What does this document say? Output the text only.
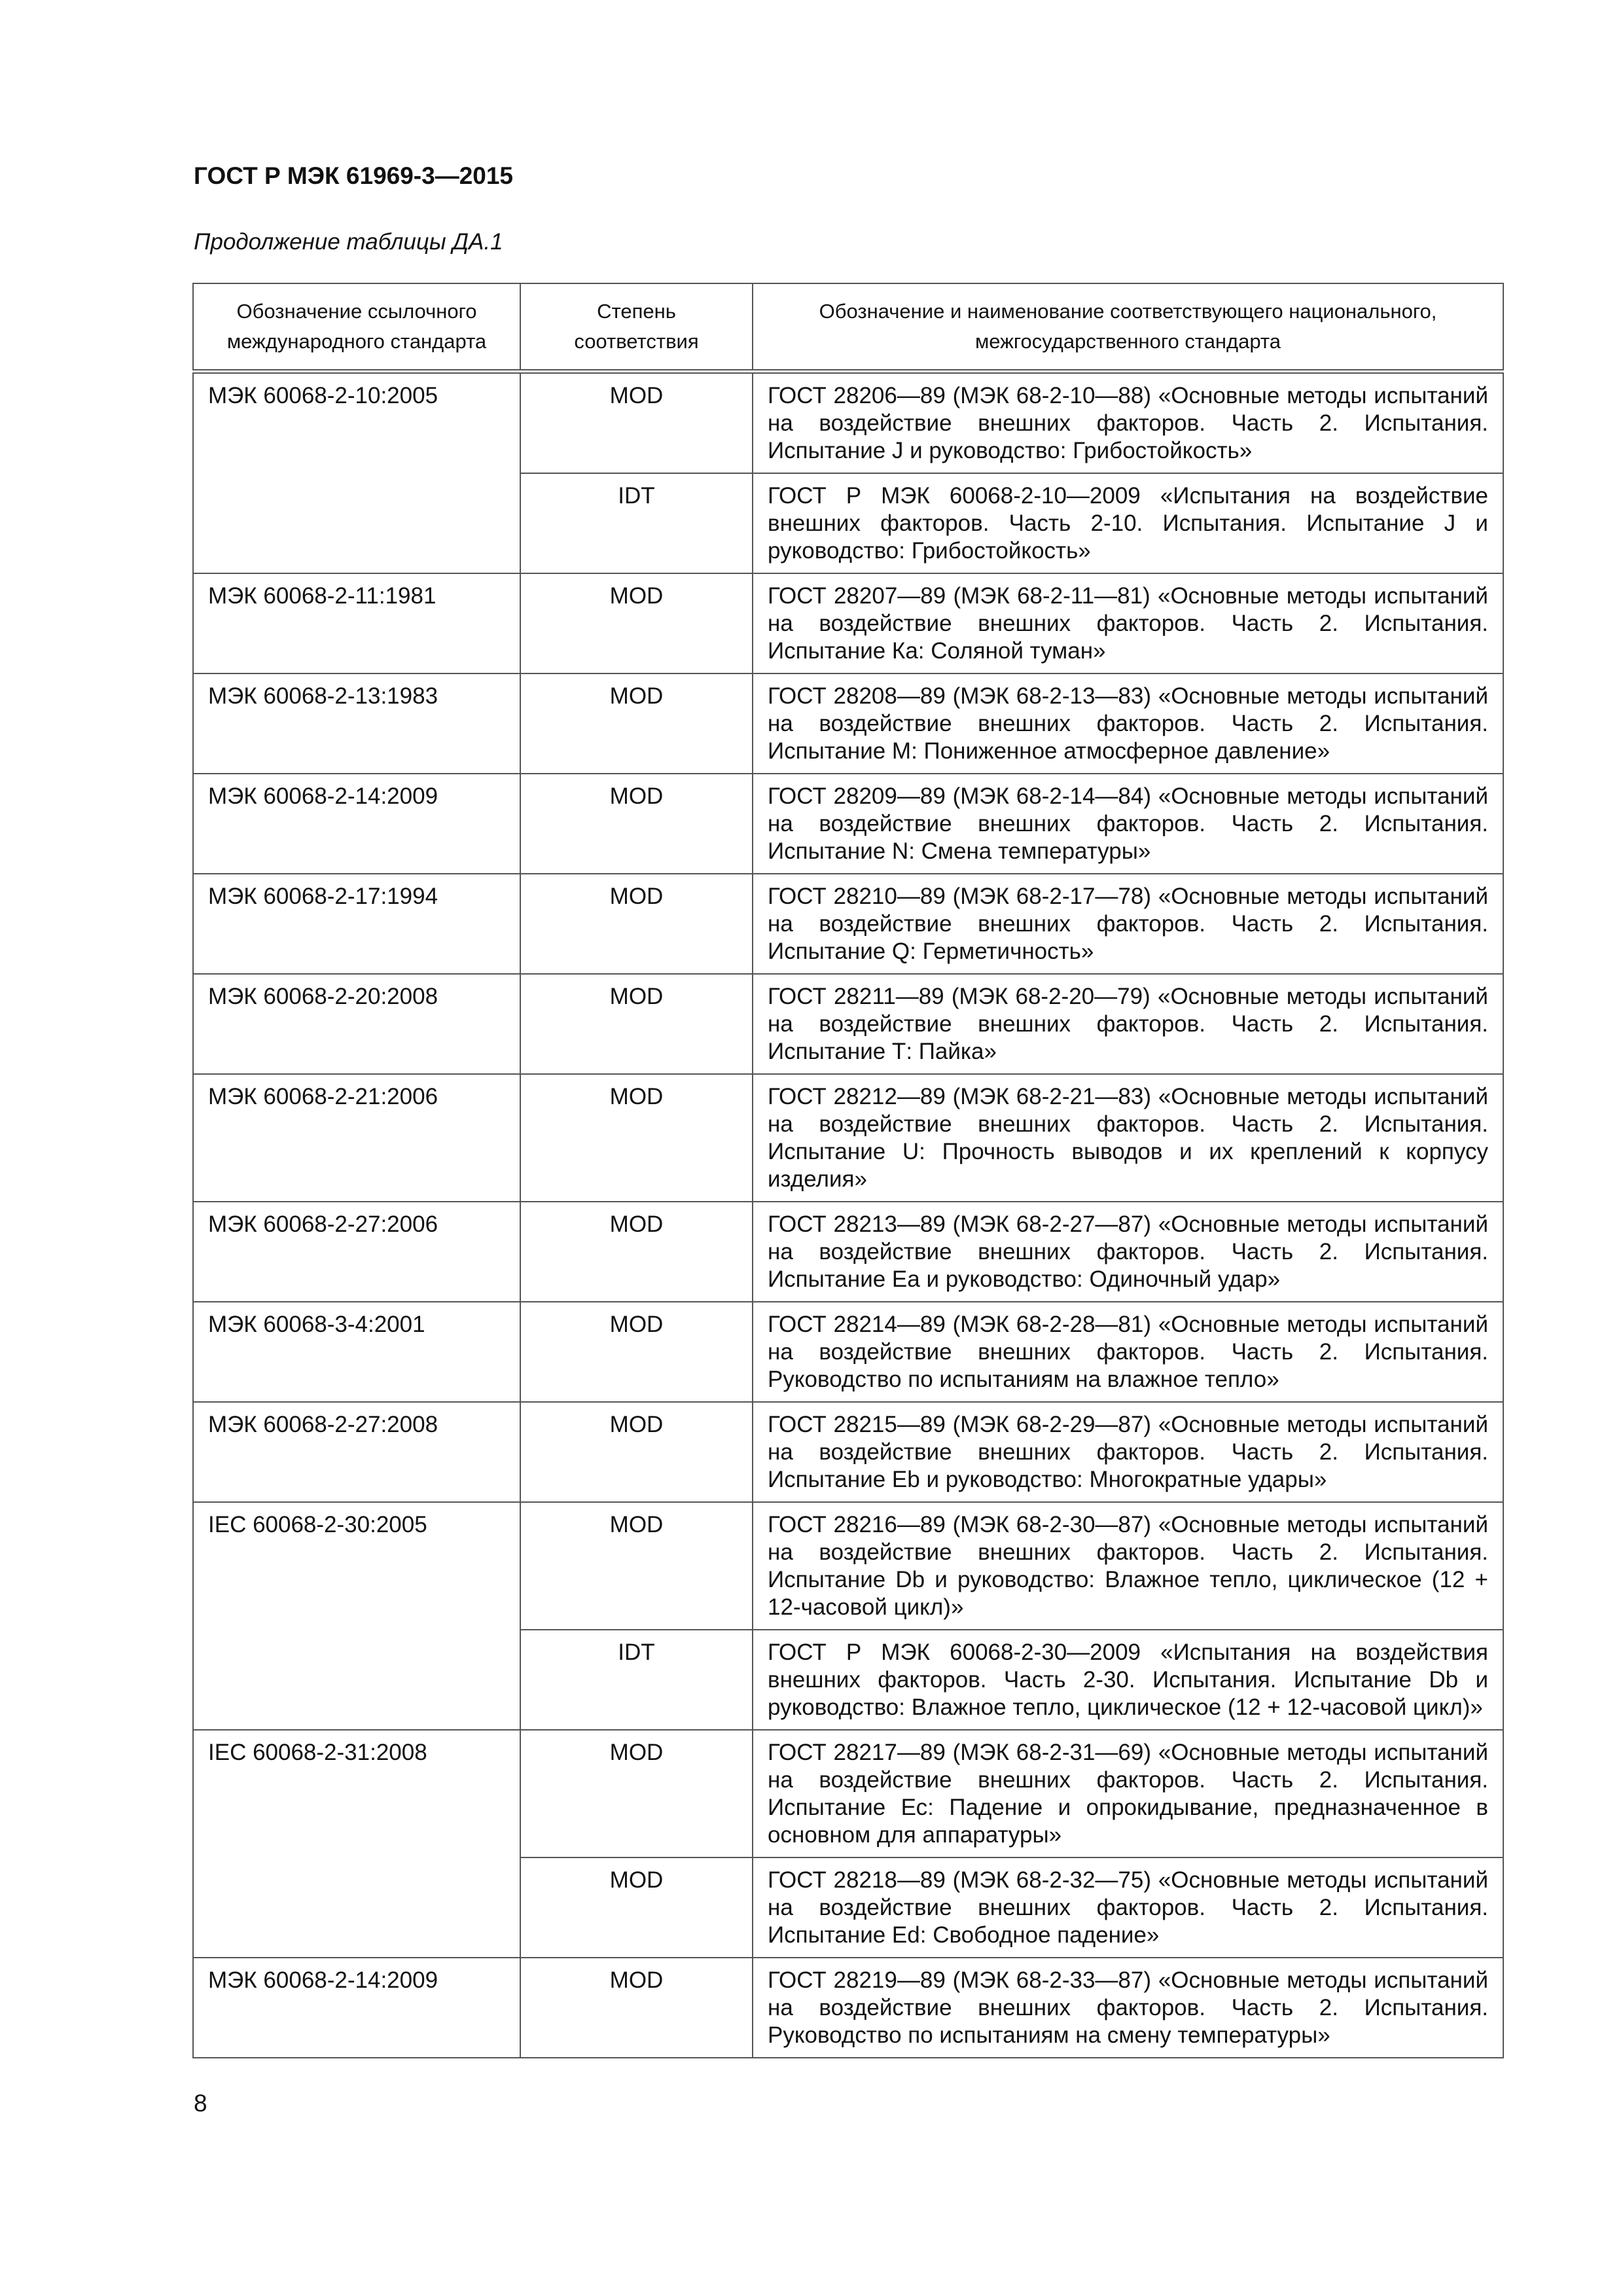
ГОСТ Р МЭК 61969-3—2015

Продолжение таблицы ДА.1

Обозначение ссылочного международного стандарта	Степень соответствия	Обозначение и наименование соответствующего национального, межгосударственного стандарта
МЭК 60068-2-10:2005	MOD	ГОСТ 28206—89 (МЭК 68-2-10—88) «Основные методы испытаний на воздействие внешних факторов. Часть 2. Испытания. Испытание J и руководство: Грибостойкость»
	IDT	ГОСТ Р МЭК 60068-2-10—2009 «Испытания на воздействие внешних факторов. Часть 2-10. Испытания. Испытание J и руководство: Грибостойкость»
МЭК 60068-2-11:1981	MOD	ГОСТ 28207—89 (МЭК 68-2-11—81) «Основные методы испытаний на воздействие внешних факторов. Часть 2. Испытания. Испытание Ка: Соляной туман»
МЭК 60068-2-13:1983	MOD	ГОСТ 28208—89 (МЭК 68-2-13—83) «Основные методы испытаний на воздействие внешних факторов. Часть 2. Испытания. Испытание М: Пониженное атмосферное давление»
МЭК 60068-2-14:2009	MOD	ГОСТ 28209—89 (МЭК 68-2-14—84) «Основные методы испытаний на воздействие внешних факторов. Часть 2. Испытания. Испытание N: Смена температуры»
МЭК 60068-2-17:1994	MOD	ГОСТ 28210—89 (МЭК 68-2-17—78) «Основные методы испытаний на воздействие внешних факторов. Часть 2. Испытания. Испытание Q: Герметичность»
МЭК 60068-2-20:2008	MOD	ГОСТ 28211—89 (МЭК 68-2-20—79) «Основные методы испытаний на воздействие внешних факторов. Часть 2. Испытания. Испытание Т: Пайка»
МЭК 60068-2-21:2006	MOD	ГОСТ 28212—89 (МЭК 68-2-21—83) «Основные методы испытаний на воздействие внешних факторов. Часть 2. Испытания. Испытание U: Прочность выводов и их креплений к корпусу изделия»
МЭК 60068-2-27:2006	MOD	ГОСТ 28213—89 (МЭК 68-2-27—87) «Основные методы испытаний на воздействие внешних факторов. Часть 2. Испытания. Испытание Еа и руководство: Одиночный удар»
МЭК 60068-3-4:2001	MOD	ГОСТ 28214—89 (МЭК 68-2-28—81) «Основные методы испытаний на воздействие внешних факторов. Часть 2. Испытания. Руководство по испытаниям на влажное тепло»
МЭК 60068-2-27:2008	MOD	ГОСТ 28215—89 (МЭК 68-2-29—87) «Основные методы испытаний на воздействие внешних факторов. Часть 2. Испытания. Испытание Eb и руководство: Многократные удары»
IEC 60068-2-30:2005	MOD	ГОСТ 28216—89 (МЭК 68-2-30—87) «Основные методы испытаний на воздействие внешних факторов. Часть 2. Испытания. Испытание Db и руководство: Влажное тепло, циклическое (12 + 12-часовой цикл)»
	IDT	ГОСТ Р МЭК 60068-2-30—2009 «Испытания на воздействия внешних факторов. Часть 2-30. Испытания. Испытание Db и руководство: Влажное тепло, циклическое (12 + 12-часовой цикл)»
IEC 60068-2-31:2008	MOD	ГОСТ 28217—89 (МЭК 68-2-31—69) «Основные методы испытаний на воздействие внешних факторов. Часть 2. Испытания. Испытание Ес: Падение и опрокидывание, предназначенное в основном для аппаратуры»
	MOD	ГОСТ 28218—89 (МЭК 68-2-32—75) «Основные методы испытаний на воздействие внешних факторов. Часть 2. Испытания. Испытание Ed: Свободное падение»
МЭК 60068-2-14:2009	MOD	ГОСТ 28219—89 (МЭК 68-2-33—87) «Основные методы испытаний на воздействие внешних факторов. Часть 2. Испытания. Руководство по испытаниям на смену температуры»

8
